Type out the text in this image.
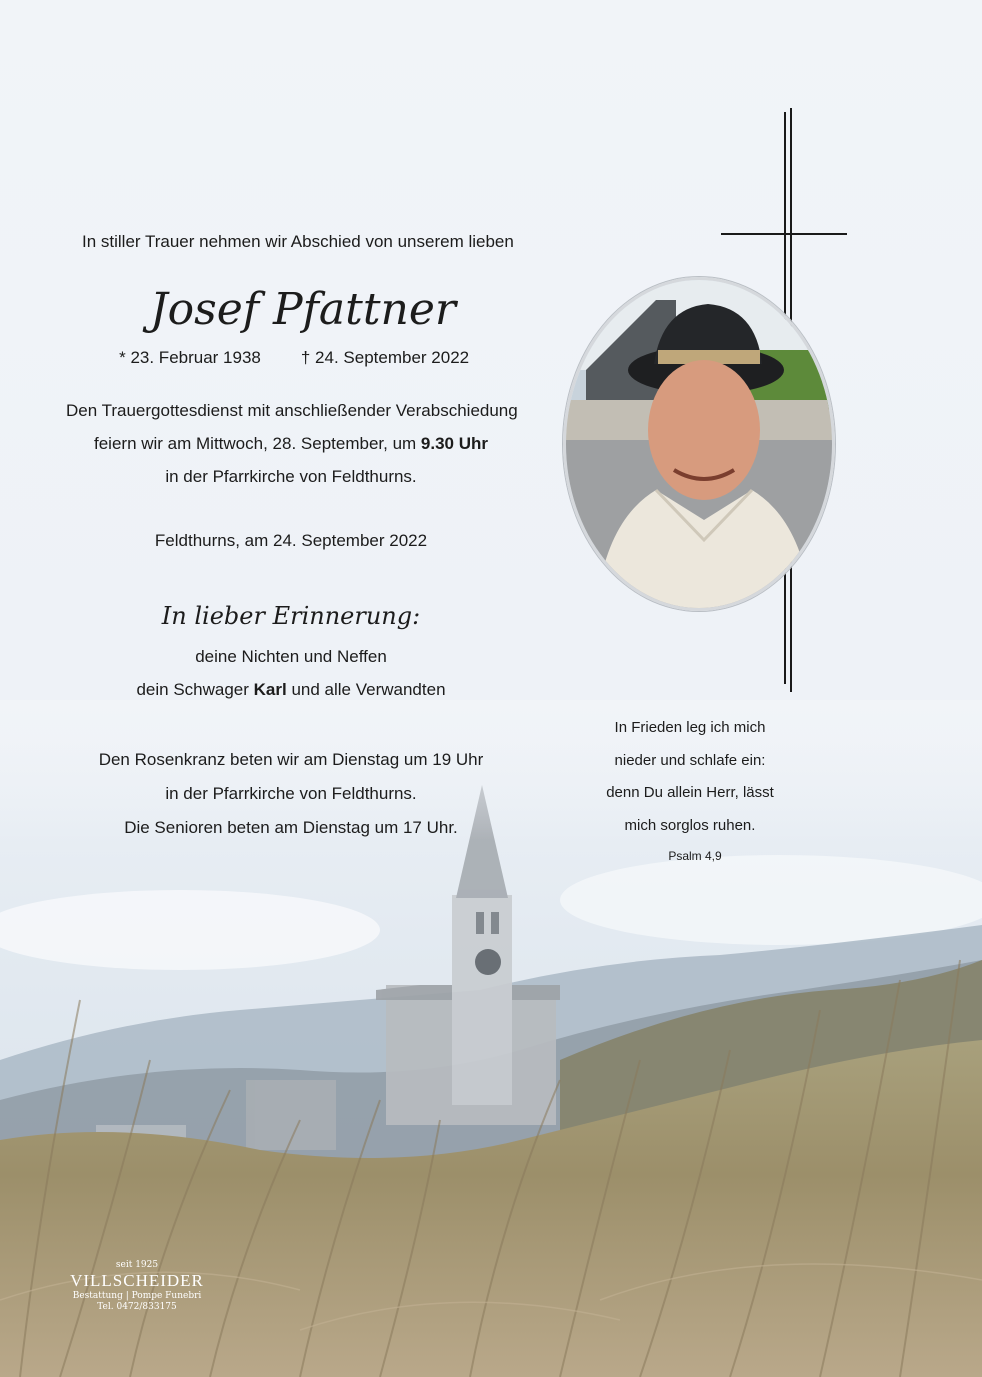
In stiller Trauer nehmen wir Abschied von unserem lieben
Josef Pfattner
* 23. Februar 1938	† 24. September 2022
Den Trauergottesdienst mit anschließender Verabschiedung
feiern wir am Mittwoch, 28. September, um 9.30 Uhr
in der Pfarrkirche von Feldthurns.
Feldthurns, am 24. September 2022
In lieber Erinnerung:
deine Nichten und Neffen
dein Schwager Karl und alle Verwandten
Den Rosenkranz beten wir am Dienstag um 19 Uhr
in der Pfarrkirche von Feldthurns.
Die Senioren beten am Dienstag um 17 Uhr.
In Frieden leg ich mich
nieder und schlafe ein:
denn Du allein Herr, lässt
mich sorglos ruhen.
Psalm 4,9
seit 1925
VILLSCHEIDER
Bestattung | Pompe Funebri
Tel. 0472/833175
